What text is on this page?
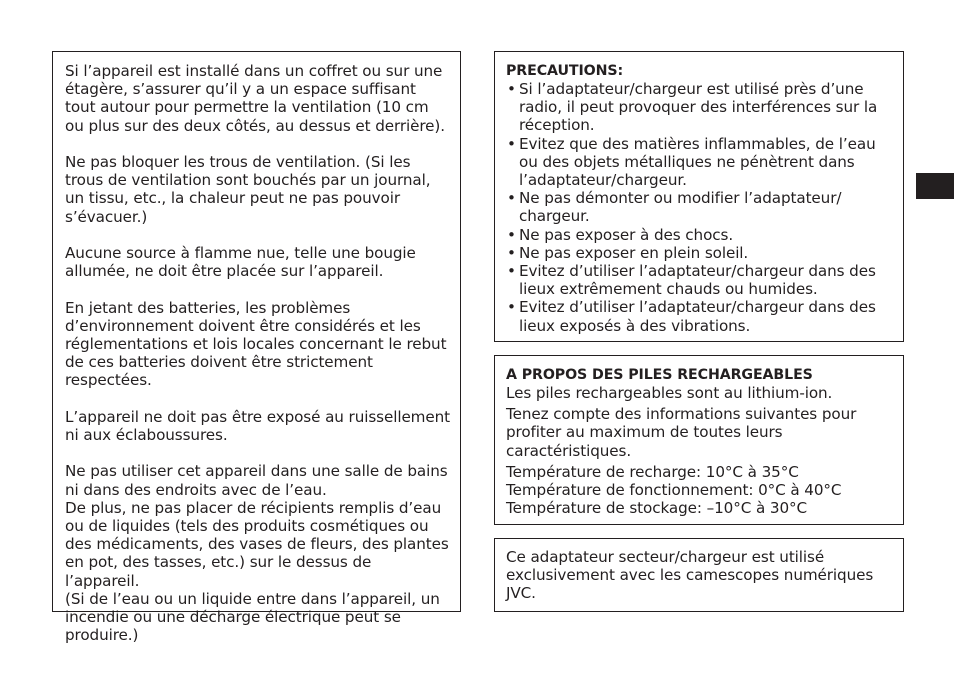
Si l’appareil est installé dans un coffret ou sur une étagère, s’assurer qu’il y a un espace suffisant tout autour pour permettre la ventilation (10 cm ou plus sur des deux côtés, au dessus et derrière).

Ne pas bloquer les trous de ventilation. (Si les trous de ventilation sont bouchés par un journal, un tissu, etc., la chaleur peut ne pas pouvoir s’évacuer.)

Aucune source à flamme nue, telle une bougie allumée, ne doit être placée sur l’appareil.

En jetant des batteries, les problèmes d’environnement doivent être considérés et les réglementations et lois locales concernant le rebut de ces batteries doivent être strictement respectées.

L’appareil ne doit pas être exposé au ruissellement ni aux éclaboussures.

Ne pas utiliser cet appareil dans une salle de bains ni dans des endroits avec de l’eau.

De plus, ne pas placer de récipients remplis d’eau ou de liquides (tels des produits cosmétiques ou des médicaments, des vases de fleurs, des plantes en pot, des tasses, etc.) sur le dessus de l’appareil.

(Si de l’eau ou un liquide entre dans l’appareil, un incendie ou une décharge électrique peut se produire.)

PRECAUTIONS:

• Si l’adaptateur/chargeur est utilisé près d’une radio, il peut provoquer des interférences sur la réception.
• Evitez que des matières inflammables, de l’eau ou des objets métalliques ne pénètrent dans l’adaptateur/chargeur.
• Ne pas démonter ou modifier l’adaptateur/ chargeur.
• Ne pas exposer à des chocs.
• Ne pas exposer en plein soleil.
• Evitez d’utiliser l’adaptateur/chargeur dans des lieux extrêmement chauds ou humides.
• Evitez d’utiliser l’adaptateur/chargeur dans des lieux exposés à des vibrations.

A PROPOS DES PILES RECHARGEABLES

Les piles rechargeables sont au lithium-ion.

Tenez compte des informations suivantes pour profiter au maximum de toutes leurs caractéristiques.

Température de recharge: 10°C à 35°C

Température de fonctionnement: 0°C à 40°C

Température de stockage: –10°C à 30°C

Ce adaptateur secteur/chargeur est utilisé exclusivement avec les camescopes numériques JVC.
